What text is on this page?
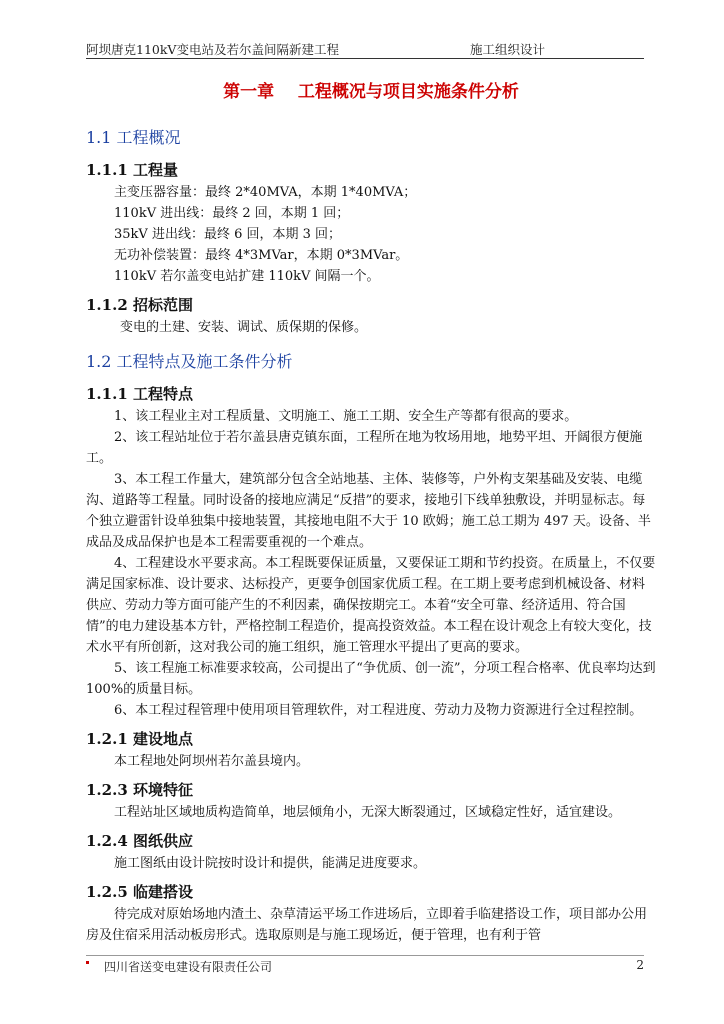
阿坝唐克110kV变电站及若尔盖间隔新建工程	施工组织设计
第一章    工程概况与项目实施条件分析
1.1 工程概况
1.1.1 工程量

主变压器容量：最终 2*40MVA，本期 1*40MVA；

110kV 进出线：最终 2 回，本期 1 回；

35kV 进出线：最终 6 回，本期 3 回；

无功补偿装置：最终 4*3MVar，本期 0*3MVar。

110kV 若尔盖变电站扩建 110kV 间隔一个。

1.1.2 招标范围

变电的土建、安装、调试、质保期的保修。

1.2 工程特点及施工条件分析
1.1.1 工程特点

1、该工程业主对工程质量、文明施工、施工工期、安全生产等都有很高的要求。

2、该工程站址位于若尔盖县唐克镇东面，工程所在地为牧场用地，地势平坦、开阔很方便施工。

3、本工程工作量大，建筑部分包含全站地基、主体、装修等，户外构支架基础及安装、电缆沟、道路等工程量。同时设备的接地应满足“反措”的要求，接地引下线单独敷设，并明显标志。每个独立避雷针设单独集中接地装置，其接地电阻不大于 10 欧姆；施工总工期为 497 天。设备、半成品及成品保护也是本工程需要重视的一个难点。

4、工程建设水平要求高。本工程既要保证质量，又要保证工期和节约投资。在质量上，不仅要满足国家标准、设计要求、达标投产，更要争创国家优质工程。在工期上要考虑到机械设备、材料供应、劳动力等方面可能产生的不利因素，确保按期完工。本着“安全可靠、经济适用、符合国情”的电力建设基本方针，严格控制工程造价，提高投资效益。本工程在设计观念上有较大变化，技术水平有所创新，这对我公司的施工组织，施工管理水平提出了更高的要求。

5、该工程施工标准要求较高，公司提出了“争优质、创一流”，分项工程合格率、优良率均达到 100%的质量目标。

6、本工程过程管理中使用项目管理软件，对工程进度、劳动力及物力资源进行全过程控制。

1.2.1 建设地点

本工程地处阿坝州若尔盖县境内。

1.2.3 环境特征

工程站址区域地质构造简单，地层倾角小，无深大断裂通过，区域稳定性好，适宜建设。

1.2.4 图纸供应

施工图纸由设计院按时设计和提供，能满足进度要求。

1.2.5 临建搭设

待完成对原始场地内渣土、杂草清运平场工作进场后，立即着手临建搭设工作，项目部办公用房及住宿采用活动板房形式。选取原则是与施工现场近，便于管理，也有利于管

四川省送变电建设有限责任公司	2
